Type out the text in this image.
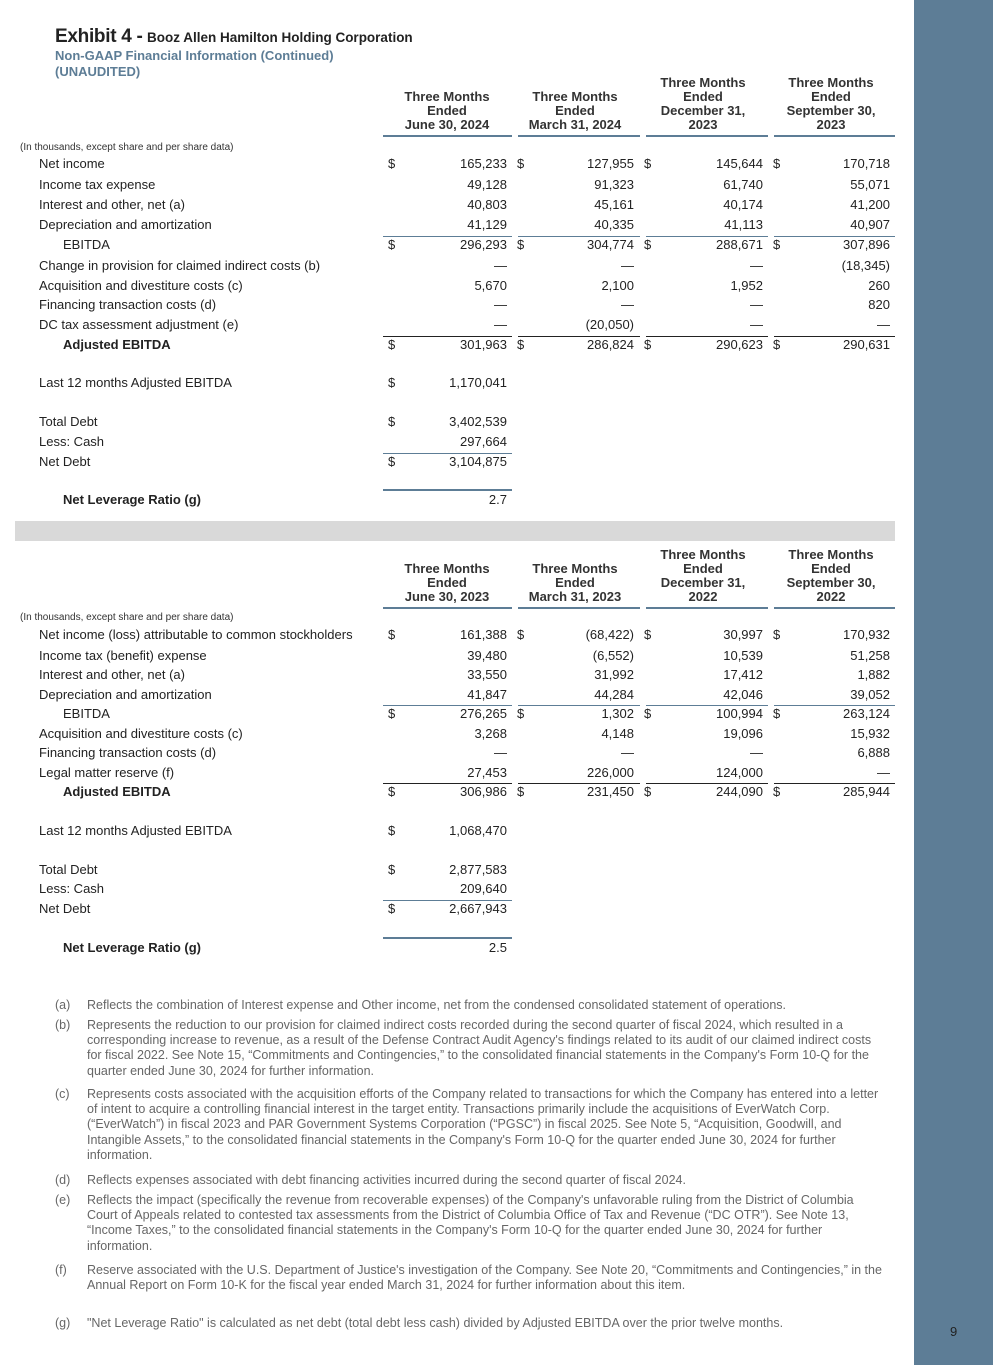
9
Exhibit 4 - Booz Allen Hamilton Holding Corporation
Non-GAAP Financial Information (Continued)
(UNAUDITED)
(a) Reflects the combination of Interest expense and Other income, net from the condensed consolidated statement of operations.
(b) Represents the reduction to our provision for claimed indirect costs recorded during the second quarter of fiscal 2024, which resulted in a corresponding increase to revenue, as a result of the Defense Contract Audit Agency's findings related to its audit of our claimed indirect costs for fiscal 2022. See Note 15, “Commitments and Contingencies,” to the consolidated financial statements in the Company's Form 10-Q for the quarter ended June 30, 2024 for further information.
(c) Represents costs associated with the acquisition efforts of the Company related to transactions for which the Company has entered into a letter of intent to acquire a controlling financial interest in the target entity. Transactions primarily include the acquisitions of EverWatch Corp. (“EverWatch”) in fiscal 2023 and PAR Government Systems Corporation (“PGSC”) in fiscal 2025. See Note 5, “Acquisition, Goodwill, and Intangible Assets,” to the consolidated financial statements in the Company's Form 10-Q for the quarter ended June 30, 2024 for further information.
(d) Reflects expenses associated with debt financing activities incurred during the second quarter of fiscal 2024.
(e) Reflects the impact (specifically the revenue from recoverable expenses) of the Company's unfavorable ruling from the District of Columbia Court of Appeals related to contested tax assessments from the District of Columbia Office of Tax and Revenue (“DC OTR”). See Note 13, “Income Taxes,” to the consolidated financial statements in the Company's Form 10-Q for the quarter ended June 30, 2024 for further information.
(f) Reserve associated with the U.S. Department of Justice's investigation of the Company. See Note 20, “Commitments and Contingencies,” in the Annual Report on Form 10-K for the fiscal year ended March 31, 2024 for further information about this item.
(g) "Net Leverage Ratio" is calculated as net debt (total debt less cash) divided by Adjusted EBITDA over the prior twelve months.
Three Months
Ended
June 30, 2024
Three Months
Ended
March 31, 2024
Three Months
Ended
December 31,
2023
Three Months
Ended
September 30,
2023
(In thousands, except share and per share data)
Net income	$	165,233 $	127,955 $	145,644 $	170,718
Income tax expense	49,128	91,323	61,740	55,071
Interest and other, net (a)	40,803	45,161	40,174	41,200
Depreciation and amortization	41,129	40,335	41,113	40,907
EBITDA	$	296,293 $	304,774 $	288,671 $	307,896
Change in provision for claimed indirect costs (b)	—	—	—	(18,345)
Acquisition and divestiture costs (c)	5,670	2,100	1,952	260
Financing transaction costs (d)	—	—	—	820
DC tax assessment adjustment (e)	—	(20,050)	—	—
Adjusted EBITDA	$	301,963 $	286,824 $	290,623 $	290,631
Last 12 months Adjusted EBITDA	$	1,170,041
Total Debt	$	3,402,539
Less: Cash	297,664
Net Debt	$	3,104,875
Net Leverage Ratio (g)	2.7
Three Months
Ended
June 30, 2023
Three Months
Ended
March 31, 2023
Three Months
Ended
December 31,
2022
Three Months
Ended
September 30,
2022
(In thousands, except share and per share data)
Net income (loss) attributable to common stockholders	$	161,388 $	(68,422) $	30,997 $	170,932
Income tax (benefit) expense	39,480	(6,552)	10,539	51,258
Interest and other, net (a)	33,550	31,992	17,412	1,882
Depreciation and amortization	41,847	44,284	42,046	39,052
EBITDA	$	276,265 $	1,302 $	100,994 $	263,124
Acquisition and divestiture costs (c)	3,268	4,148	19,096	15,932
Financing transaction costs (d)	—	—	—	6,888
Legal matter reserve (f)	27,453	226,000	124,000	—
Adjusted EBITDA	$	306,986 $	231,450 $	244,090 $	285,944
Last 12 months Adjusted EBITDA	$	1,068,470
Total Debt	$	2,877,583
Less: Cash	209,640
Net Debt	$	2,667,943
Net Leverage Ratio (g)	2.5
